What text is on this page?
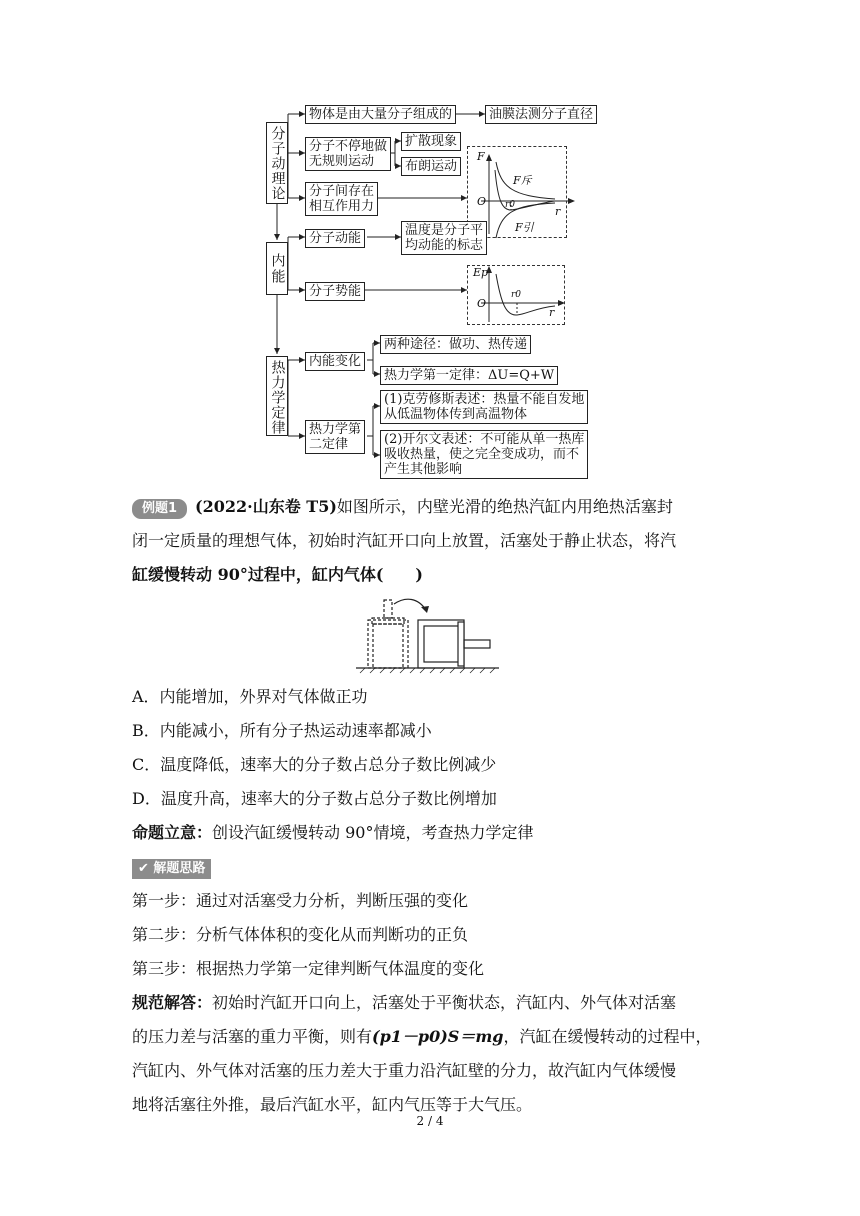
分子动理论
内能
热力学定律
物体是由大量分子组成的	油膜法测分子直径
分子不停地做
无规则运动
扩散现象
布朗运动
分子间存在
相互作用力
F
F斥
O r0	r
F引
分子动能
温度是分子平
均动能的标志
分子势能
Ep
O
r0
r
内能变化
两种途径：做功、热传递
热力学第一定律：ΔU=Q+W
热力学第
二定律
(1)克劳修斯表述：热量不能自发地
从低温物体传到高温物体
(2)开尔文表述：不可能从单一热库
吸收热量，使之完全变成功，而不
产生其他影响
例题1 (2022·山东卷 T5)如图所示，内壁光滑的绝热汽缸内用绝热活塞封
闭一定质量的理想气体，初始时汽缸开口向上放置，活塞处于静止状态，将汽
缸缓慢转动 90°过程中，缸内气体(　　)
A．内能增加，外界对气体做正功
B．内能减小，所有分子热运动速率都减小
C．温度降低，速率大的分子数占总分子数比例减少
D．温度升高，速率大的分子数占总分子数比例增加
命题立意：创设汽缸缓慢转动 90°情境，考查热力学定律
✔ 解题思路
第一步：通过对活塞受力分析，判断压强的变化
第二步：分析气体体积的变化从而判断功的正负
第三步：根据热力学第一定律判断气体温度的变化
规范解答：初始时汽缸开口向上，活塞处于平衡状态，汽缸内、外气体对活塞
的压力差与活塞的重力平衡，则有(p1－p0)S＝mg，汽缸在缓慢转动的过程中，
汽缸内、外气体对活塞的压力差大于重力沿汽缸壁的分力，故汽缸内气体缓慢
地将活塞往外推，最后汽缸水平，缸内气压等于大气压。
2 / 4
